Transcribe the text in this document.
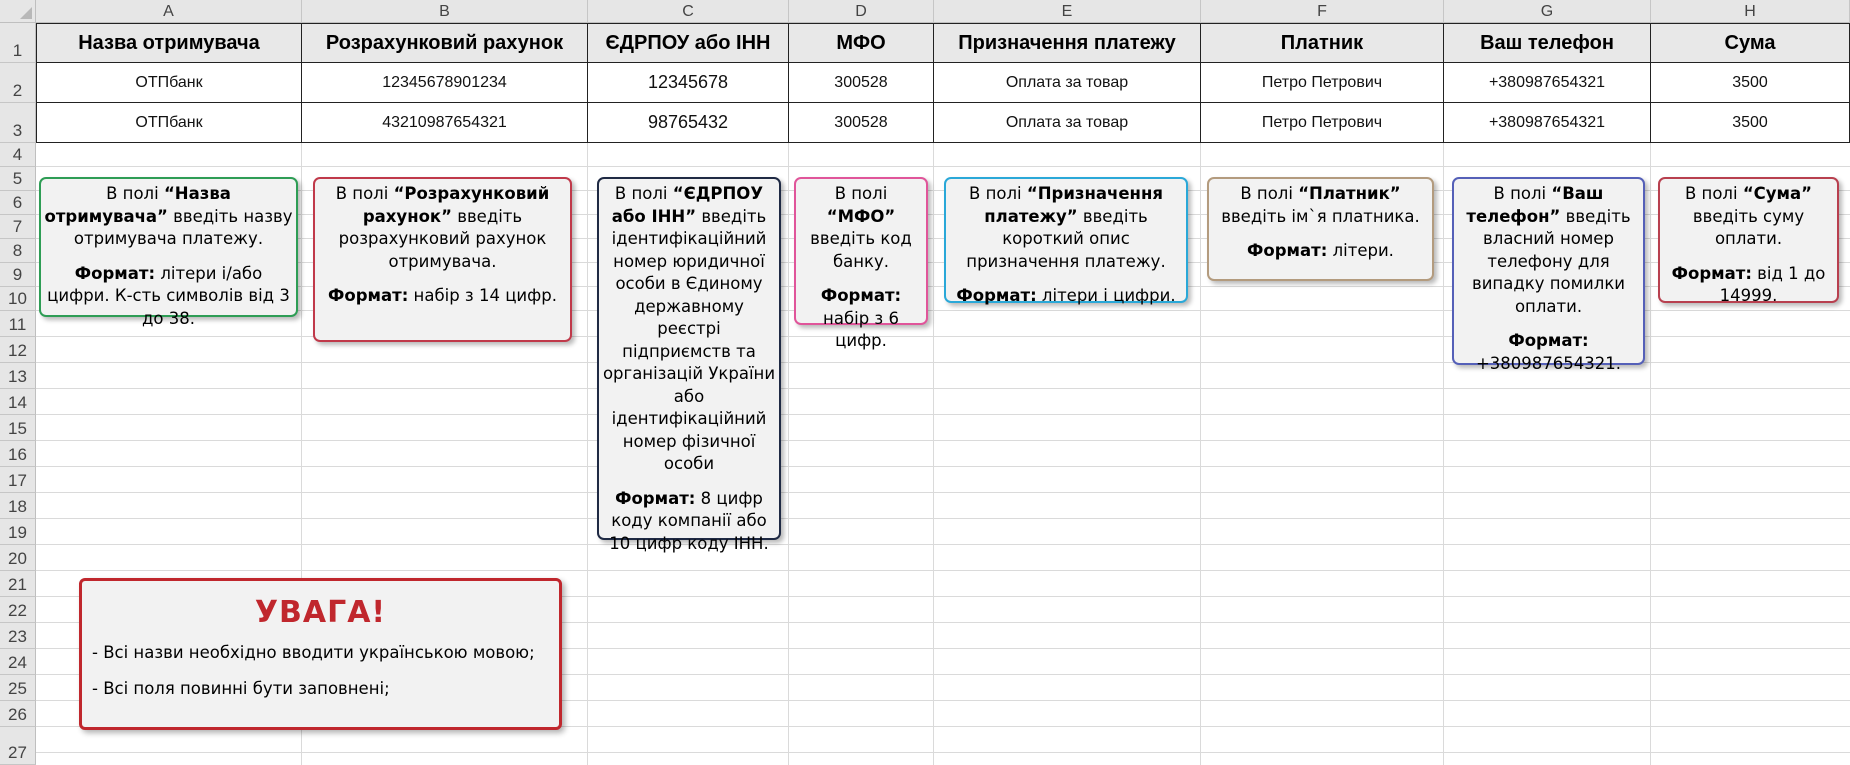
A	B	C	D	E	F	G	H
1
2
3
4
5
6
7
8
9
10
11
12
13
14
15
16
17
18
19
20
21
22
23
24
25
26
27
Назва отримувача	Розрахунковий рахунок	ЄДРПОУ або ІНН	МФО	Призначення платежу	Платник	Ваш телефон	Сума
ОТПбанк	12345678901234	12345678	300528	Оплата за товар	Петро Петрович	+380987654321	3500
ОТПбанк	43210987654321	98765432	300528	Оплата за товар	Петро Петрович	+380987654321	3500

В полі “Назва отримувача” введіть назву отримувача платежу.

Формат: літери і/або цифри. К-сть символів від 3 до 38.

В полі “Розрахунковий рахунок” введіть розрахунковий рахунок отримувача.

Формат: набір з 14 цифр.

В полі “ЄДРПОУ або ІНН” введіть ідентифікаційний номер юридичної особи в Єдиному державному реєстрі підприємств та організацій України або ідентифікаційний номер фізичної особи

Формат: 8 цифр коду компанії або 10 цифр коду ІНН.

В полі “МФО” введіть код банку.

Формат: набір з 6 цифр.

В полі “Призначення платежу” введіть короткий опис призначення платежу.

Формат: літери і цифри.

В полі “Платник” введіть ім`я платника.

Формат: літери.

В полі “Ваш телефон” введіть власний номер телефону для випадку помилки оплати.

Формат: +380987654321.

В полі “Сума” введіть суму оплати.

Формат: від 1 до 14999.

УВАГА!
- Всі назви необхідно вводити українською мовою;
- Всі поля повинні бути заповнені;
